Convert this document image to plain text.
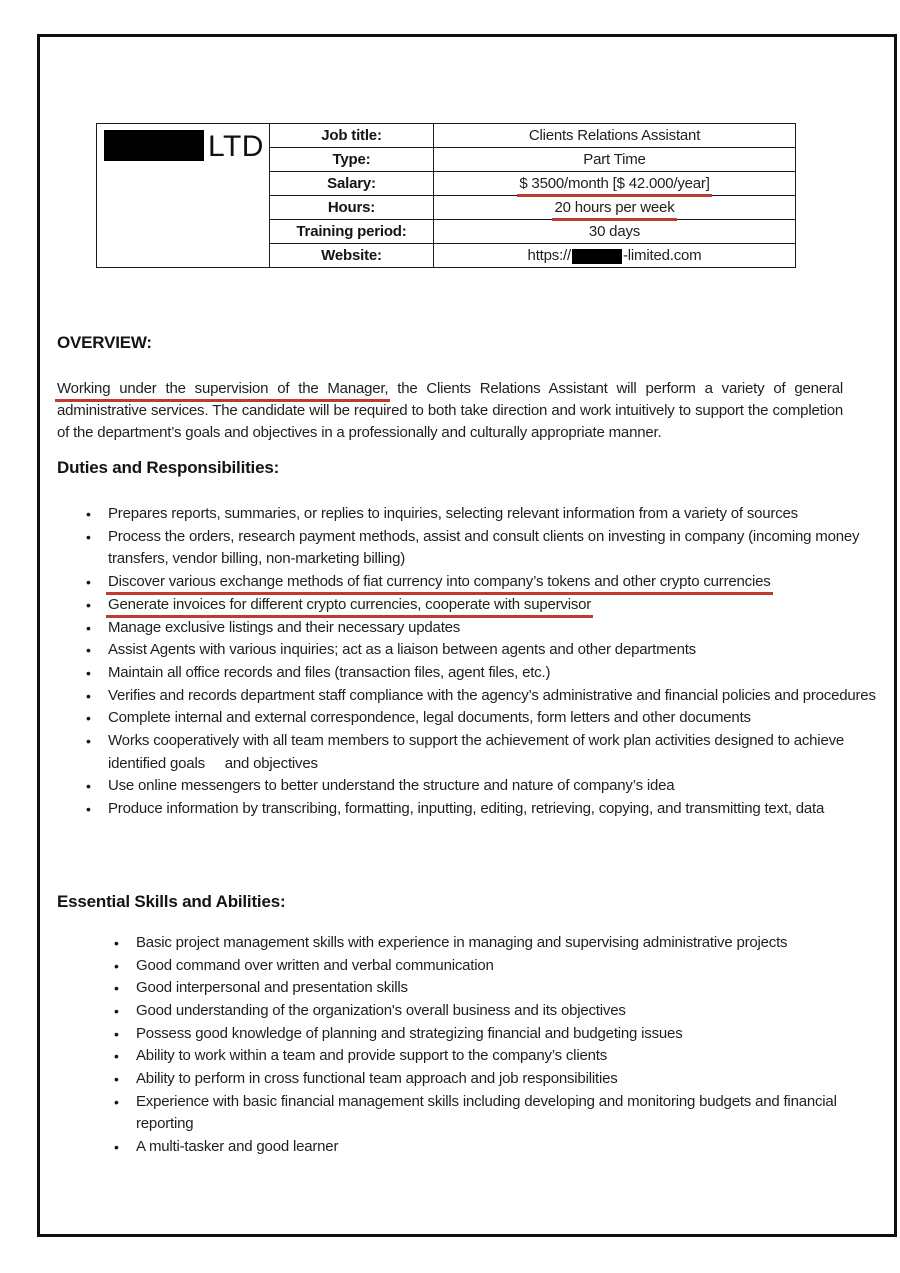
LTD	Job title:	Clients Relations Assistant
	Type:	Part Time
	Salary:	$ 3500/month [$ 42.000/year]
	Hours:	20 hours per week
	Training period:	30 days
	Website:	https:// -limited.com
OVERVIEW:

Working under the supervision of the Manager, the Clients Relations Assistant will perform a variety of general administrative services. The candidate will be required to both take direction and work intuitively to support the completion of the department’s goals and objectives in a professionally and culturally appropriate manner.

Duties and Responsibilities:
• Prepares reports, summaries, or replies to inquiries, selecting relevant information from a variety of sources
• Process the orders, research payment methods, assist and consult clients on investing in company (incoming money transfers, vendor billing, non-marketing billing)
• Discover various exchange methods of fiat currency into company’s tokens and other crypto currencies
• Generate invoices for different crypto currencies, cooperate with supervisor
• Manage exclusive listings and their necessary updates
• Assist Agents with various inquiries; act as a liaison between agents and other departments
• Maintain all office records and files (transaction files, agent files, etc.)
• Verifies and records department staff compliance with the agency’s administrative and financial policies and procedures
• Complete internal and external correspondence, legal documents, form letters and other documents
• Works cooperatively with all team members to support the achievement of work plan activities designed to achieve identified goals     and objectives
• Use online messengers to better understand the structure and nature of company’s idea
• Produce information by transcribing, formatting, inputting, editing, retrieving, copying, and transmitting text, data
Essential Skills and Abilities:
• Basic project management skills with experience in managing and supervising administrative projects
• Good command over written and verbal communication
• Good interpersonal and presentation skills
• Good understanding of the organization's overall business and its objectives
• Possess good knowledge of planning and strategizing financial and budgeting issues
• Ability to work within a team and provide support to the company’s clients
• Ability to perform in cross functional team approach and job responsibilities
• Experience with basic financial management skills including developing and monitoring budgets and financial reporting
• A multi-tasker and good learner
